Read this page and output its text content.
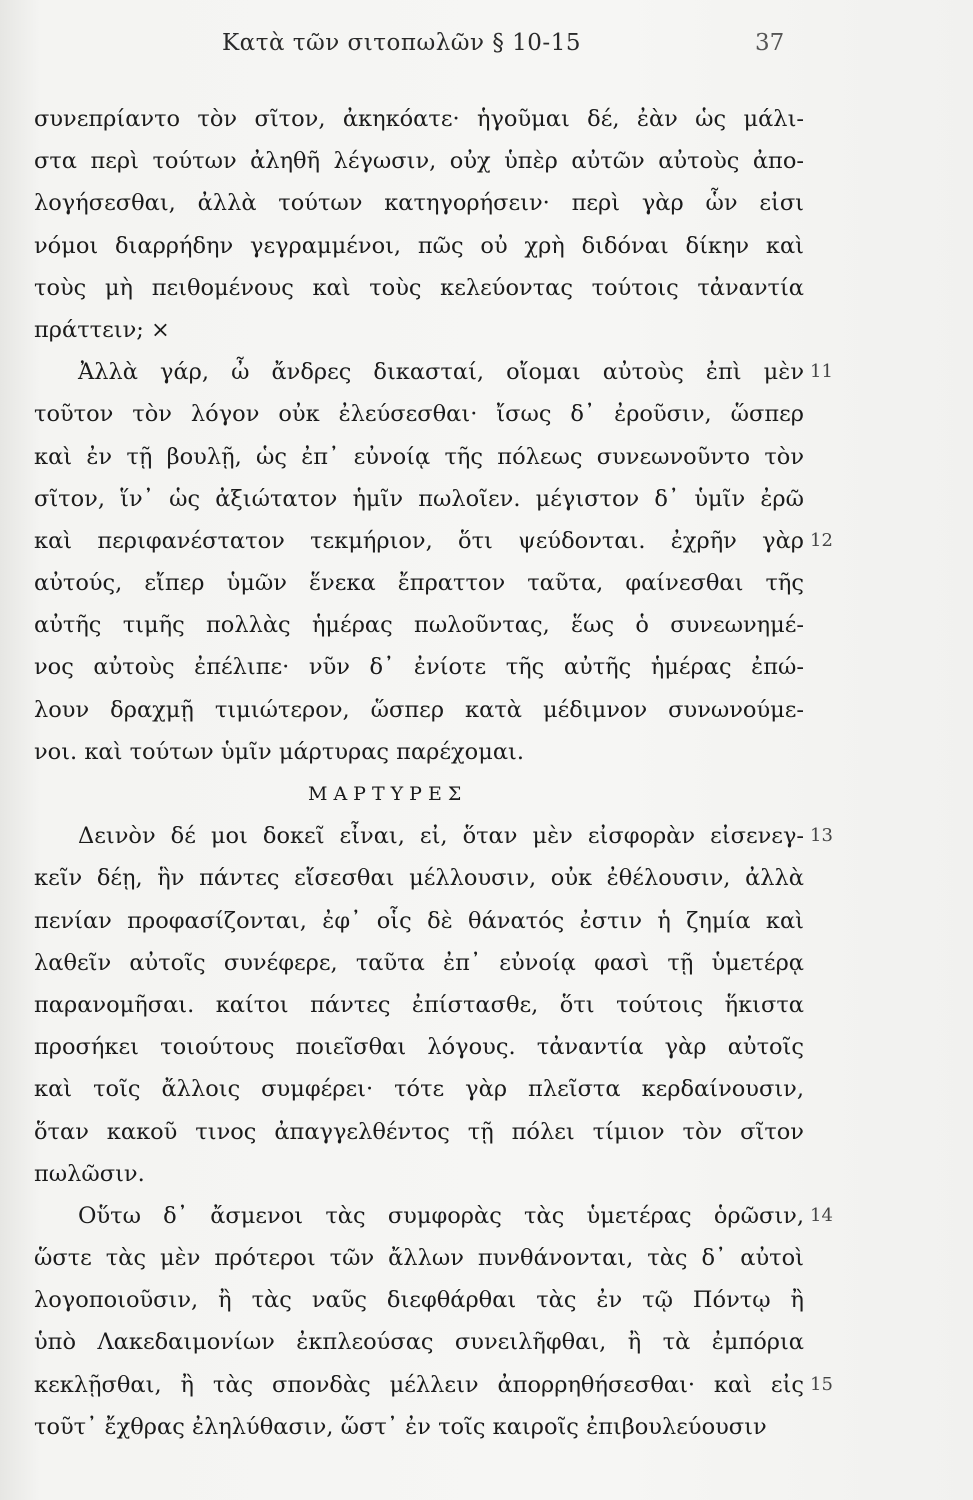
Κατὰ τῶν σιτοπωλῶν § 10-15	37
συνεπρίαντο τὸν σῖτον, ἀκηκόατε· ἡγοῦμαι δέ, ἐὰν ὡς μάλι-
στα περὶ τούτων ἀληθῆ λέγωσιν, οὐχ ὑπὲρ αὐτῶν αὐτοὺς ἀπο-
λογήσεσθαι, ἀλλὰ τούτων κατηγορήσειν· περὶ γὰρ ὧν εἰσι
νόμοι διαρρήδην γεγραμμένοι, πῶς οὐ χρὴ διδόναι δίκην καὶ
τοὺς μὴ πειθομένους καὶ τοὺς κελεύοντας τούτοις τἀναντία
πράττειν; ×
Ἀλλὰ γάρ, ὦ ἄνδρες δικασταί, οἴομαι αὐτοὺς ἐπὶ μὲν 11
τοῦτον τὸν λόγον οὐκ ἐλεύσεσθαι· ἴσως δ᾽ ἐροῦσιν, ὥσπερ
καὶ ἐν τῇ βουλῇ, ὡς ἐπ᾽ εὐνοίᾳ τῆς πόλεως συνεωνοῦντο τὸν
σῖτον, ἵν᾽ ὡς ἀξιώτατον ἡμῖν πωλοῖεν. μέγιστον δ᾽ ὑμῖν ἐρῶ
καὶ περιφανέστατον τεκμήριον, ὅτι ψεύδονται. ἐχρῆν γὰρ 12
αὐτούς, εἴπερ ὑμῶν ἕνεκα ἔπραττον ταῦτα, φαίνεσθαι τῆς
αὐτῆς τιμῆς πολλὰς ἡμέρας πωλοῦντας, ἕως ὁ συνεωνημέ-
νος αὐτοὺς ἐπέλιπε· νῦν δ᾽ ἐνίοτε τῆς αὐτῆς ἡμέρας ἐπώ-
λουν δραχμῇ τιμιώτερον, ὥσπερ κατὰ μέδιμνον συνωνούμε-
νοι. καὶ τούτων ὑμῖν μάρτυρας παρέχομαι.
ΜΑΡΤΥΡΕΣ
Δεινὸν δέ μοι δοκεῖ εἶναι, εἰ, ὅταν μὲν εἰσφορὰν εἰσενεγ- 13
κεῖν δέῃ, ἣν πάντες εἴσεσθαι μέλλουσιν, οὐκ ἐθέλουσιν, ἀλλὰ
πενίαν προφασίζονται, ἐφ᾽ οἷς δὲ θάνατός ἐστιν ἡ ζημία καὶ
λαθεῖν αὐτοῖς συνέφερε, ταῦτα ἐπ᾽ εὐνοίᾳ φασὶ τῇ ὑμετέρᾳ
παρανομῆσαι. καίτοι πάντες ἐπίστασθε, ὅτι τούτοις ἥκιστα
προσήκει τοιούτους ποιεῖσθαι λόγους. τἀναντία γὰρ αὐτοῖς
καὶ τοῖς ἄλλοις συμφέρει· τότε γὰρ πλεῖστα κερδαίνουσιν,
ὅταν κακοῦ τινος ἀπαγγελθέντος τῇ πόλει τίμιον τὸν σῖτον
πωλῶσιν.
Οὕτω δ᾽ ἄσμενοι τὰς συμφορὰς τὰς ὑμετέρας ὁρῶσιν, 14
ὥστε τὰς μὲν πρότεροι τῶν ἄλλων πυνθάνονται, τὰς δ᾽ αὐτοὶ
λογοποιοῦσιν, ἢ τὰς ναῦς διεφθάρθαι τὰς ἐν τῷ Πόντῳ ἢ
ὑπὸ Λακεδαιμονίων ἐκπλεούσας συνειλῆφθαι, ἢ τὰ ἐμπόρια
κεκλῇσθαι, ἢ τὰς σπονδὰς μέλλειν ἀπορρηθήσεσθαι· καὶ εἰς 15
τοῦτ᾽ ἔχθρας ἐληλύθασιν, ὥστ᾽ ἐν τοῖς καιροῖς ἐπιβουλεύουσιν
